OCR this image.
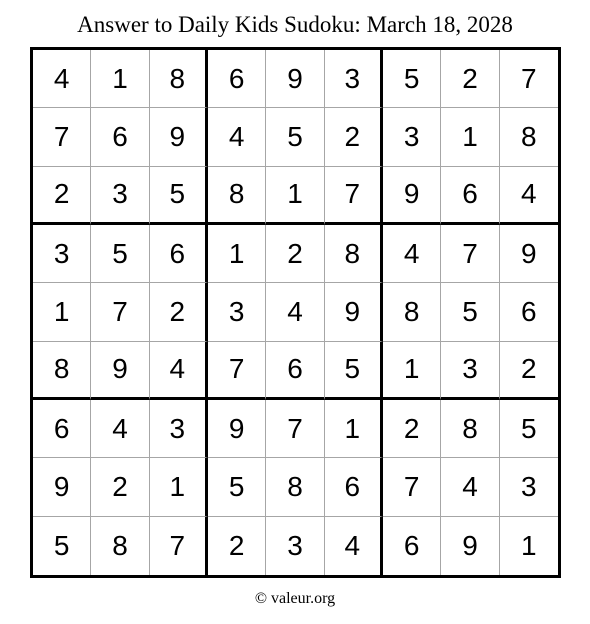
Answer to Daily Kids Sudoku: March 18, 2028
4	1	8	6	9	3	5	2	7
7	6	9	4	5	2	3	1	8
2	3	5	8	1	7	9	6	4
3	5	6	1	2	8	4	7	9
1	7	2	3	4	9	8	5	6
8	9	4	7	6	5	1	3	2
6	4	3	9	7	1	2	8	5
9	2	1	5	8	6	7	4	3
5	8	7	2	3	4	6	9	1
© valeur.org
